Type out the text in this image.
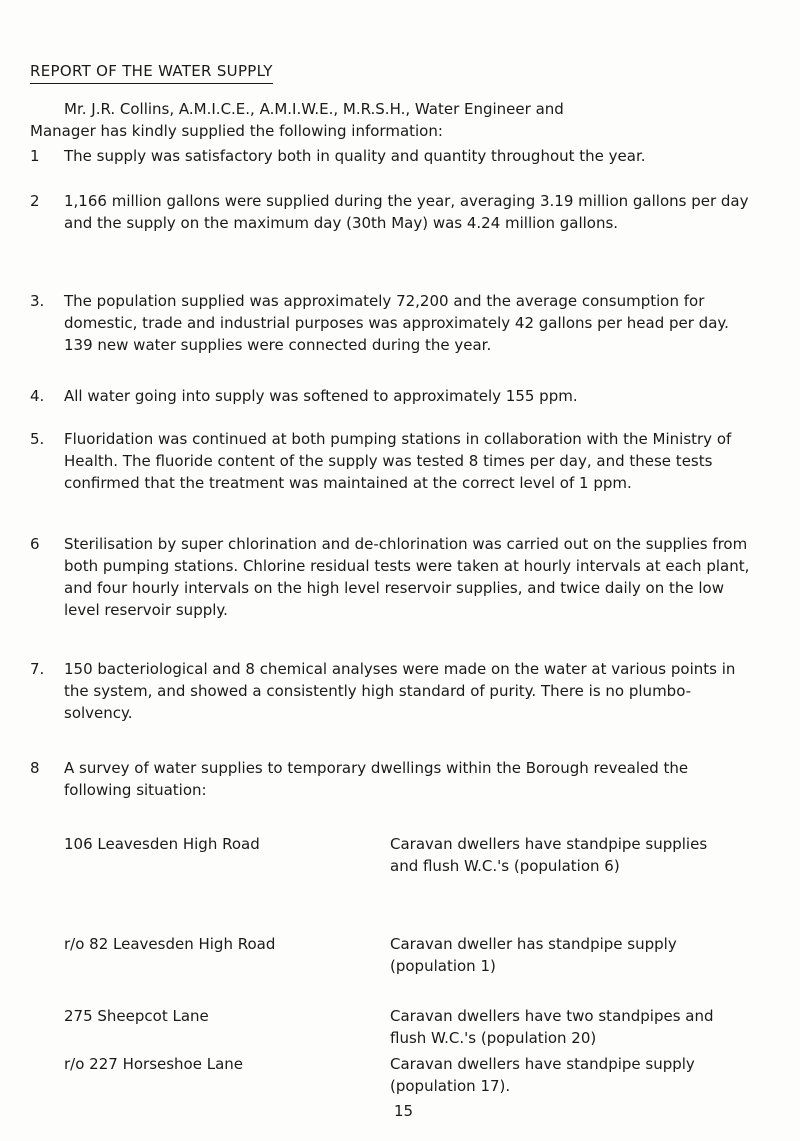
REPORT OF THE WATER SUPPLY
Mr. J.R. Collins, A.M.I.C.E., A.M.I.W.E., M.R.S.H., Water Engineer and
Manager has kindly supplied the following information:
1	The supply was satisfactory both in quality and quantity throughout the year.
2	1,166 million gallons were supplied during the year, averaging 3.19 million gallons per day and the supply on the maximum day (30th May) was 4.24 million gallons.
3.	The population supplied was approximately 72,200 and the average consumption for domestic, trade and industrial purposes was approximately 42 gallons per head per day. 139 new water supplies were connected during the year.
4.	All water going into supply was softened to approximately 155 ppm.
5.	Fluoridation was continued at both pumping stations in collaboration with the Ministry of Health. The fluoride content of the supply was tested 8 times per day, and these tests confirmed that the treatment was maintained at the correct level of 1 ppm.
6	Sterilisation by super chlorination and de-chlorination was carried out on the supplies from both pumping stations. Chlorine residual tests were taken at hourly intervals at each plant, and four hourly intervals on the high level reservoir supplies, and twice daily on the low level reservoir supply.
7.	150 bacteriological and 8 chemical analyses were made on the water at various points in the system, and showed a consistently high standard of purity. There is no plumbo-solvency.
8	A survey of water supplies to temporary dwellings within the Borough revealed the following situation:
106 Leavesden High Road	Caravan dwellers have standpipe supplies and flush W.C.'s (population 6)
r/o 82 Leavesden High Road	Caravan dweller has standpipe supply (population 1)
275 Sheepcot Lane	Caravan dwellers have two standpipes and flush W.C.'s (population 20)
r/o 227 Horseshoe Lane	Caravan dwellers have standpipe supply (population 17).
15
